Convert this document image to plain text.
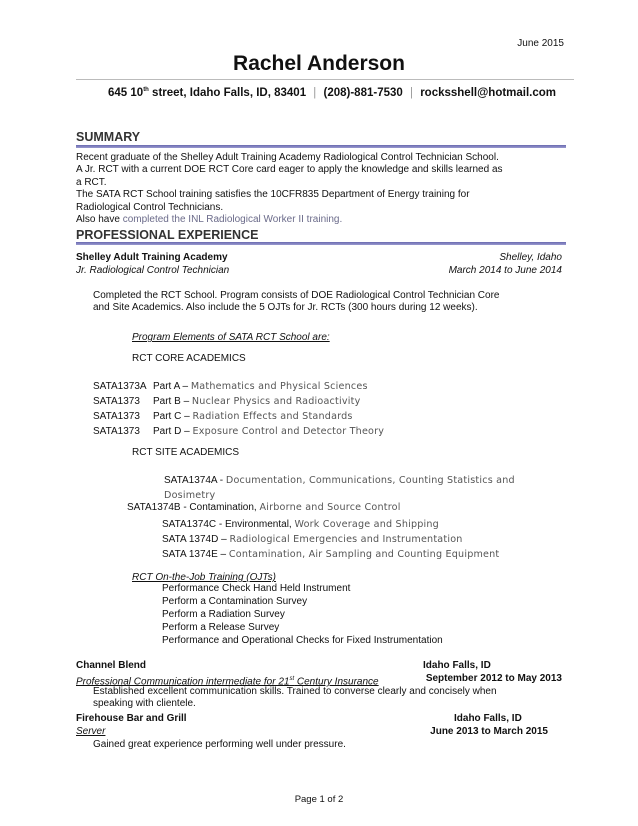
June 2015
Rachel Anderson
645 10th street, Idaho Falls, ID, 83401 | (208)-881-7530 | rocksshell@hotmail.com
SUMMARY
Recent graduate of the Shelley Adult Training Academy Radiological Control Technician School.
A Jr. RCT with a current DOE RCT Core card eager to apply the knowledge and skills learned as
a RCT.
The SATA RCT School training satisfies the 10CFR835 Department of Energy training for
Radiological Control Technicians.
Also have completed the INL Radiological Worker II training.
PROFESSIONAL EXPERIENCE
Shelley Adult Training Academy	Shelley, Idaho
Jr. Radiological Control Technician	March 2014 to June 2014
Completed the RCT School. Program consists of DOE Radiological Control Technician Core
and Site Academics. Also include the 5 OJTs for Jr. RCTs (300 hours during 12 weeks).
Program Elements of SATA RCT School are:
RCT CORE ACADEMICS
SATA1373A Part A – Mathematics and Physical Sciences
SATA1373 Part B – Nuclear Physics and Radioactivity
SATA1373 Part C – Radiation Effects and Standards
SATA1373 Part D – Exposure Control and Detector Theory
RCT SITE ACADEMICS
SATA1374A - Documentation, Communications, Counting Statistics and
Dosimetry
SATA1374B - Contamination, Airborne and Source Control
SATA1374C - Environmental, Work Coverage and Shipping
SATA 1374D – Radiological Emergencies and Instrumentation
SATA 1374E – Contamination, Air Sampling and Counting Equipment
RCT On-the-Job Training (OJTs)
Performance Check Hand Held Instrument
Perform a Contamination Survey
Perform a Radiation Survey
Perform a Release Survey
Performance and Operational Checks for Fixed Instrumentation
Channel Blend	Idaho Falls, ID
Professional Communication intermediate for 21st Century Insurance	September 2012 to May 2013
Established excellent communication skills. Trained to converse clearly and concisely when
speaking with clientele.
Firehouse Bar and Grill	Idaho Falls, ID
Server	June 2013 to March 2015
Gained great experience performing well under pressure.
Page 1 of 2
